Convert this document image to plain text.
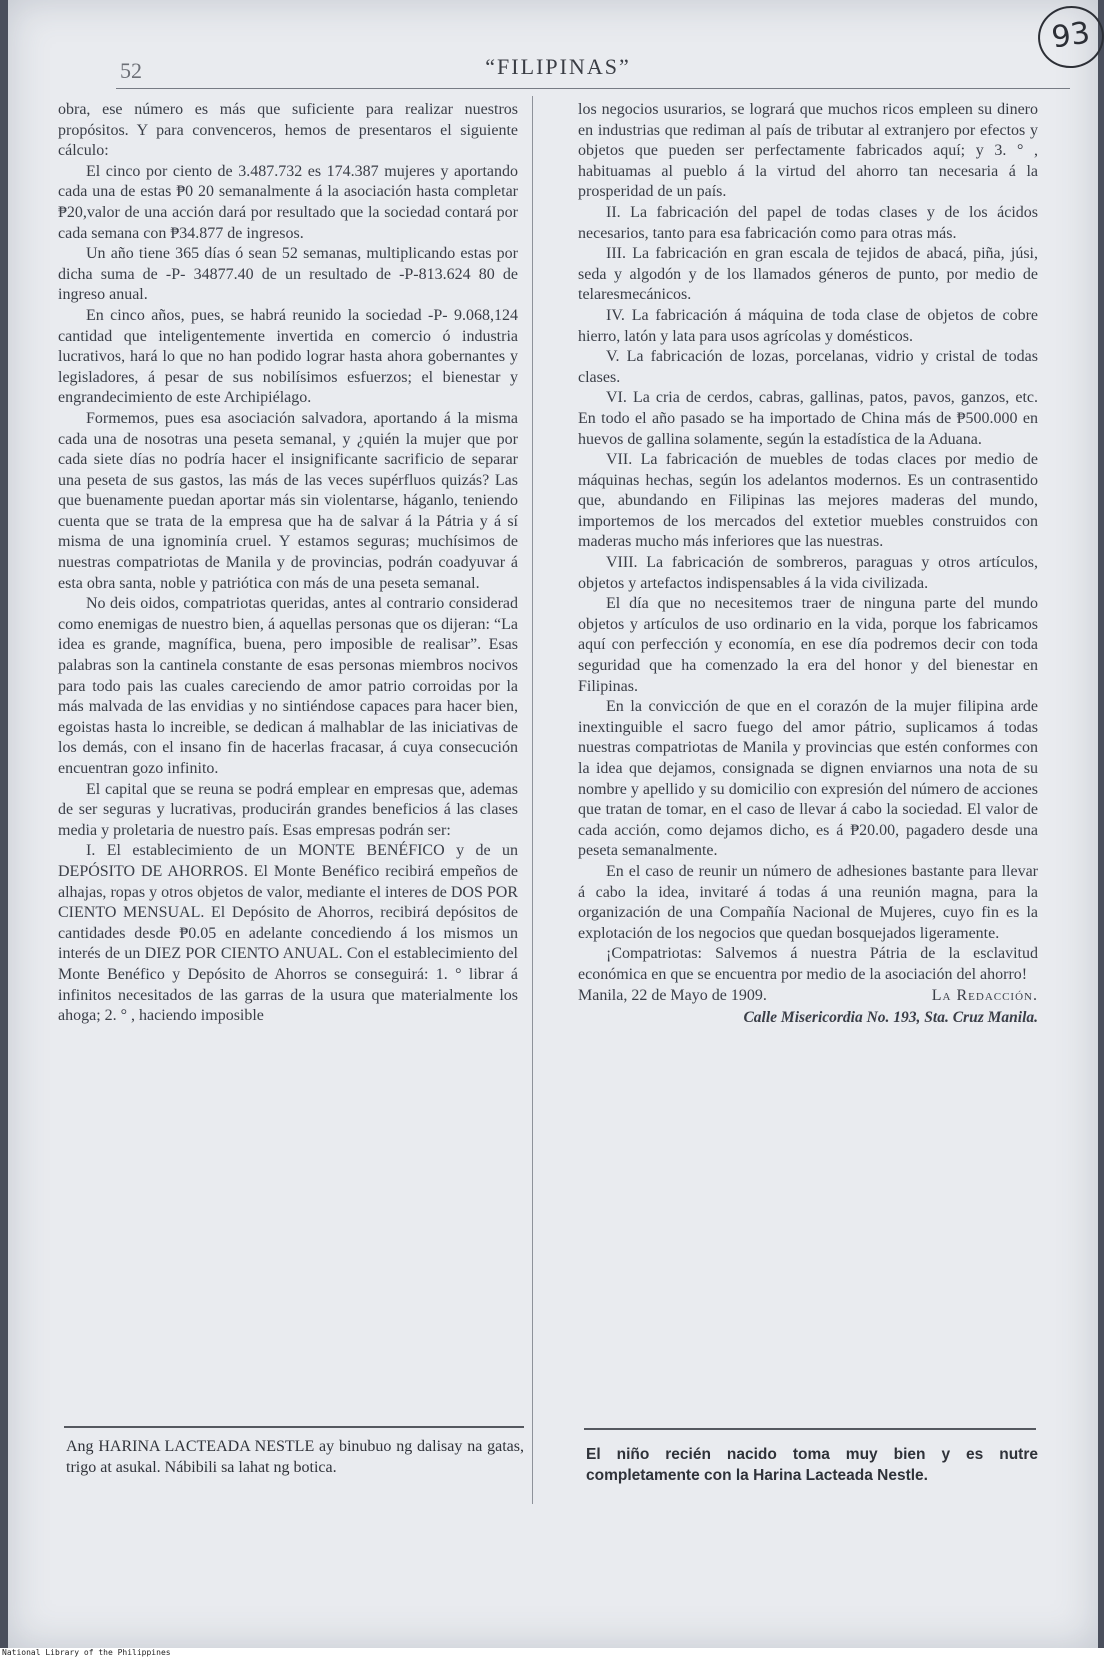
52	“FILIPINAS”
93

obra, ese número es más que suficiente para realizar nuestros propósitos. Y para convenceros, hemos de presentaros el siguiente cálculo:

El cinco por ciento de 3.487.732 es 174.387 mujeres y aportando cada una de estas ₱0 20 semanalmente á la asociación hasta completar ₱20,valor de una acción dará por resultado que la sociedad contará por cada semana con ₱34.877 de ingresos.

Un año tiene 365 días ó sean 52 semanas, multiplicando estas por dicha suma de -P- 34877.40 de un resultado de -P-813.624 80 de ingreso anual.

En cinco años, pues, se habrá reunido la sociedad -P- 9.068,124 cantidad que inteligentemente invertida en comercio ó industria lucrativos, hará lo que no han podido lograr hasta ahora gobernantes y legisladores, á pesar de sus nobilísimos esfuerzos; el bienestar y engrandecimiento de este Archipiélago.

Formemos, pues esa asociación salvadora, aportando á la misma cada una de nosotras una peseta semanal, y ¿quién la mujer que por cada siete días no podría hacer el insignificante sacrificio de separar una peseta de sus gastos, las más de las veces supérfluos quizás? Las que buenamente puedan aportar más sin violentarse, háganlo, teniendo cuenta que se trata de la empresa que ha de salvar á la Pátria y á sí misma de una ignominía cruel. Y estamos seguras; muchísimos de nuestras compatriotas de Manila y de provincias, podrán coadyuvar á esta obra santa, noble y patriótica con más de una peseta semanal.

No deis oidos, compatriotas queridas, antes al contrario considerad como enemigas de nuestro bien, á aquellas personas que os dijeran: “La idea es grande, magnífica, buena, pero imposible de realisar”. Esas palabras son la cantinela constante de esas personas miembros nocivos para todo pais las cuales careciendo de amor patrio corroidas por la más malvada de las envidias y no sintiéndose capaces para hacer bien, egoistas hasta lo increible, se dedican á malhablar de las iniciativas de los demás, con el insano fin de hacerlas fracasar, á cuya consecución encuentran gozo infinito.

El capital que se reuna se podrá emplear en empresas que, ademas de ser seguras y lucrativas, producirán grandes beneficios á las clases media y proletaria de nuestro país. Esas empresas podrán ser:

I. El establecimiento de un MONTE BENÉFICO y de un DEPÓSITO DE AHORROS. El Monte Benéfico recibirá empeños de alhajas, ropas y otros objetos de valor, mediante el interes de DOS POR CIENTO MENSUAL. El Depósito de Ahorros, recibirá depósitos de cantidades desde ₱0.05 en adelante concediendo á los mismos un interés de un DIEZ POR CIENTO ANUAL. Con el establecimiento del Monte Benéfico y Depósito de Ahorros se conseguirá: 1. ° librar á infinitos necesitados de las garras de la usura que materialmente los ahoga; 2. ° , haciendo imposible

los negocios usurarios, se logrará que muchos ricos empleen su dinero en industrias que rediman al país de tributar al extranjero por efectos y objetos que pueden ser perfectamente fabricados aquí; y 3. ° , habituamas al pueblo á la virtud del ahorro tan necesaria á la prosperidad de un país.

II. La fabricación del papel de todas clases y de los ácidos necesarios, tanto para esa fabricación como para otras más.

III. La fabricación en gran escala de tejidos de abacá, piña, júsi, seda y algodón y de los llamados géneros de punto, por medio de telaresmecánicos.

IV. La fabricación á máquina de toda clase de objetos de cobre hierro, latón y lata para usos agrícolas y domésticos.

V. La fabricación de lozas, porcelanas, vidrio y cristal de todas clases.

VI. La cria de cerdos, cabras, gallinas, patos, pavos, ganzos, etc. En todo el año pasado se ha importado de China más de ₱500.000 en huevos de gallina solamente, según la estadística de la Aduana.

VII. La fabricación de muebles de todas claces por medio de máquinas hechas, según los adelantos modernos. Es un contrasentido que, abundando en Filipinas las mejores maderas del mundo, importemos de los mercados del extetior muebles construidos con maderas mucho más inferiores que las nuestras.

VIII. La fabricación de sombreros, paraguas y otros artículos, objetos y artefactos indispensables á la vida civilizada.

El día que no necesitemos traer de ninguna parte del mundo objetos y artículos de uso ordinario en la vida, porque los fabricamos aquí con perfección y economía, en ese día podremos decir con toda seguridad que ha comenzado la era del honor y del bienestar en Filipinas.

En la convicción de que en el corazón de la mujer filipina arde inextinguible el sacro fuego del amor pátrio, suplicamos á todas nuestras compatriotas de Manila y provincias que estén conformes con la idea que dejamos, consignada se dignen enviarnos una nota de su nombre y apellido y su domicilio con expresión del número de acciones que tratan de tomar, en el caso de llevar á cabo la sociedad. El valor de cada acción, como dejamos dicho, es á ₱20.00, pagadero desde una peseta semanalmente.

En el caso de reunir un número de adhesiones bastante para llevar á cabo la idea, invitaré á todas á una reunión magna, para la organización de una Compañía Nacional de Mujeres, cuyo fin es la explotación de los negocios que quedan bosquejados ligeramente.

¡Compatriotas: Salvemos á nuestra Pátria de la esclavitud económica en que se encuentra por medio de la asociación del ahorro!

Manila, 22 de Mayo de 1909.	La Redacción.
Calle Misericordia No. 193, Sta. Cruz Manila.
Ang HARINA LACTEADA NESTLE ay binubuo ng dalisay na gatas, trigo at asukal. Nábibili sa lahat ng botica.
El niño recién nacido toma muy bien y es nutre completamente con la Harina Lacteada Nestle.
National Library of the Philippines
